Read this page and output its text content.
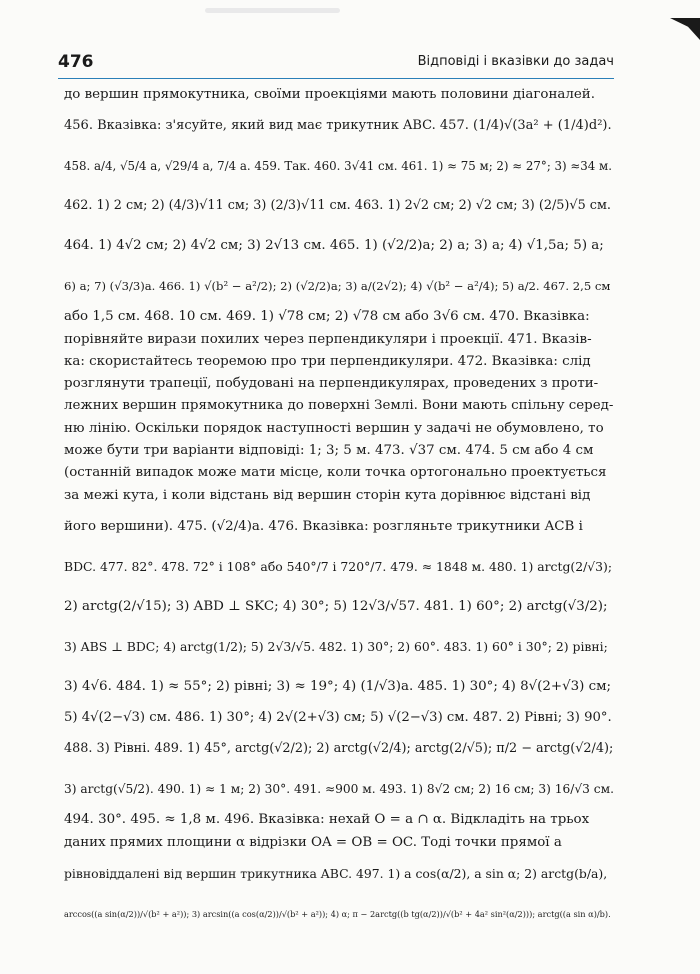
476	Відповіді і вказівки до задач
до вершин прямокутника, своїми проекціями мають половини діагоналей.
456. Вказівка: з'ясуйте, який вид має трикутник ABC. 457. (1/4)√(3a² + (1/4)d²).
458. a/4, √5/4 a, √29/4 a, 7/4 a. 459. Так. 460. 3√41 см. 461. 1) ≈ 75 м; 2) ≈ 27°; 3) ≈34 м.
462. 1) 2 см; 2) (4/3)√11 см; 3) (2/3)√11 см. 463. 1) 2√2 см; 2) √2 см; 3) (2/5)√5 см.
464. 1) 4√2 см; 2) 4√2 см; 3) 2√13 см. 465. 1) (√2/2)a; 2) a; 3) a; 4) √1,5a; 5) a;
6) a; 7) (√3/3)a. 466. 1) √(b² − a²/2); 2) (√2/2)a; 3) a/(2√2); 4) √(b² − a²/4); 5) a/2. 467. 2,5 см
або 1,5 см. 468. 10 см. 469. 1) √78 см; 2) √78 см або 3√6 см. 470. Вказівка:
порівняйте вирази похилих через перпендикуляри і проекції. 471. Вказів-
ка: скористайтесь теоремою про три перпендикуляри. 472. Вказівка: слід
розглянути трапеції, побудовані на перпендикулярах, проведених з проти-
лежних вершин прямокутника до поверхні Землі. Вони мають спільну серед-
ню лінію. Оскільки порядок наступності вершин у задачі не обумовлено, то
може бути три варіанти відповіді: 1; 3; 5 м. 473. √37 см. 474. 5 см або 4 см
(останній випадок може мати місце, коли точка ортогонально проектується
за межі кута, і коли відстань від вершин сторін кута дорівнює відстані від
його вершини). 475. (√2/4)a. 476. Вказівка: розгляньте трикутники ACB і
BDC. 477. 82°. 478. 72° і 108° або 540°/7 і 720°/7. 479. ≈ 1848 м. 480. 1) arctg(2/√3);
2) arctg(2/√15); 3) ABD ⊥ SKC; 4) 30°; 5) 12√3/√57. 481. 1) 60°; 2) arctg(√3/2);
3) ABS ⊥ BDC; 4) arctg(1/2); 5) 2√3/√5. 482. 1) 30°; 2) 60°. 483. 1) 60° і 30°; 2) рівні;
3) 4√6. 484. 1) ≈ 55°; 2) рівні; 3) ≈ 19°; 4) (1/√3)a. 485. 1) 30°; 4) 8√(2+√3) см;
5) 4√(2−√3) см. 486. 1) 30°; 4) 2√(2+√3) см; 5) √(2−√3) см. 487. 2) Рівні; 3) 90°.
488. 3) Рівні. 489. 1) 45°, arctg(√2/2); 2) arctg(√2/4); arctg(2/√5); π/2 − arctg(√2/4);
3) arctg(√5/2). 490. 1) ≈ 1 м; 2) 30°. 491. ≈900 м. 493. 1) 8√2 см; 2) 16 см; 3) 16/√3 см.
494. 30°. 495. ≈ 1,8 м. 496. Вказівка: нехай O = a ∩ α. Відкладіть на трьох
даних прямих площини α відрізки OA = OB = OC. Тоді точки прямої a
рівновіддалені від вершин трикутника ABC. 497. 1) a cos(α/2), a sin α; 2) arctg(b/a),
arccos((a sin(α/2))/√(b² + a²)); 3) arcsin((a cos(α/2))/√(b² + a²)); 4) α; π − 2arctg((b tg(α/2))/√(b² + 4a² sin²(α/2))); arctg((a sin α)/b).
